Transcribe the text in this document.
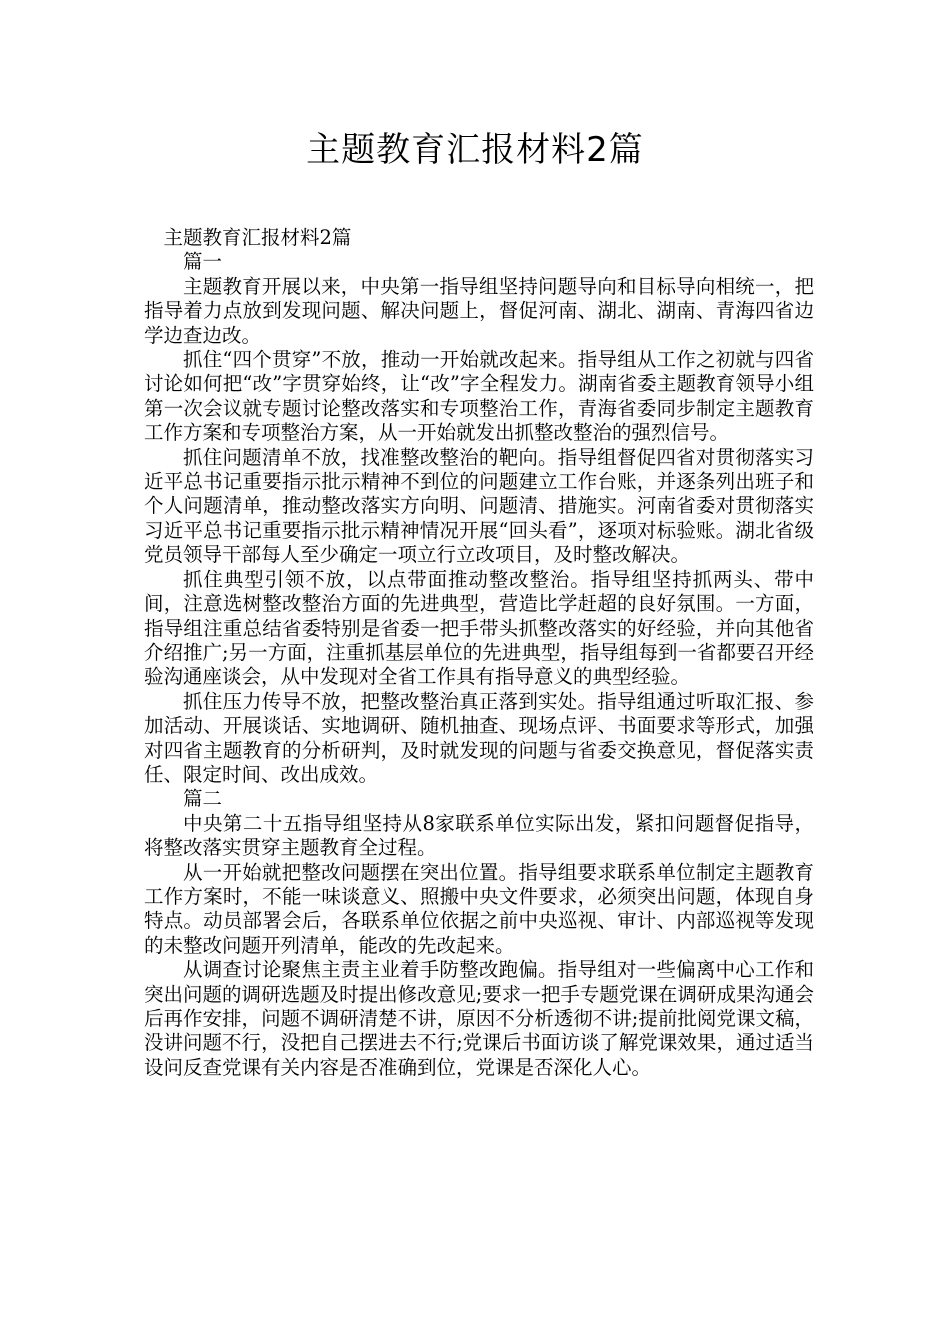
主题教育汇报材料2篇

主题教育汇报材料2篇

篇一

主题教育开展以来，中央第一指导组坚持问题导向和目标导向相统一，把指导着力点放到发现问题、解决问题上，督促河南、湖北、湖南、青海四省边学边查边改。

抓住“四个贯穿”不放，推动一开始就改起来。指导组从工作之初就与四省讨论如何把“改”字贯穿始终，让“改”字全程发力。湖南省委主题教育领导小组第一次会议就专题讨论整改落实和专项整治工作，青海省委同步制定主题教育工作方案和专项整治方案，从一开始就发出抓整改整治的强烈信号。

抓住问题清单不放，找准整改整治的靶向。指导组督促四省对贯彻落实习近平总书记重要指示批示精神不到位的问题建立工作台账，并逐条列出班子和个人问题清单，推动整改落实方向明、问题清、措施实。河南省委对贯彻落实习近平总书记重要指示批示精神情况开展“回头看”，逐项对标验账。湖北省级党员领导干部每人至少确定一项立行立改项目，及时整改解决。

抓住典型引领不放，以点带面推动整改整治。指导组坚持抓两头、带中间，注意选树整改整治方面的先进典型，营造比学赶超的良好氛围。一方面，指导组注重总结省委特别是省委一把手带头抓整改落实的好经验，并向其他省介绍推广;另一方面，注重抓基层单位的先进典型，指导组每到一省都要召开经验沟通座谈会，从中发现对全省工作具有指导意义的典型经验。

抓住压力传导不放，把整改整治真正落到实处。指导组通过听取汇报、参加活动、开展谈话、实地调研、随机抽查、现场点评、书面要求等形式，加强对四省主题教育的分析研判，及时就发现的问题与省委交换意见，督促落实责任、限定时间、改出成效。

篇二

中央第二十五指导组坚持从8家联系单位实际出发，紧扣问题督促指导，将整改落实贯穿主题教育全过程。

从一开始就把整改问题摆在突出位置。指导组要求联系单位制定主题教育工作方案时，不能一味谈意义、照搬中央文件要求，必须突出问题，体现自身特点。动员部署会后，各联系单位依据之前中央巡视、审计、内部巡视等发现的未整改问题开列清单，能改的先改起来。

从调查讨论聚焦主责主业着手防整改跑偏。指导组对一些偏离中心工作和突出问题的调研选题及时提出修改意见;要求一把手专题党课在调研成果沟通会后再作安排，问题不调研清楚不讲，原因不分析透彻不讲;提前批阅党课文稿，没讲问题不行，没把自己摆进去不行;党课后书面访谈了解党课效果，通过适当设问反查党课有关内容是否准确到位，党课是否深化人心。
